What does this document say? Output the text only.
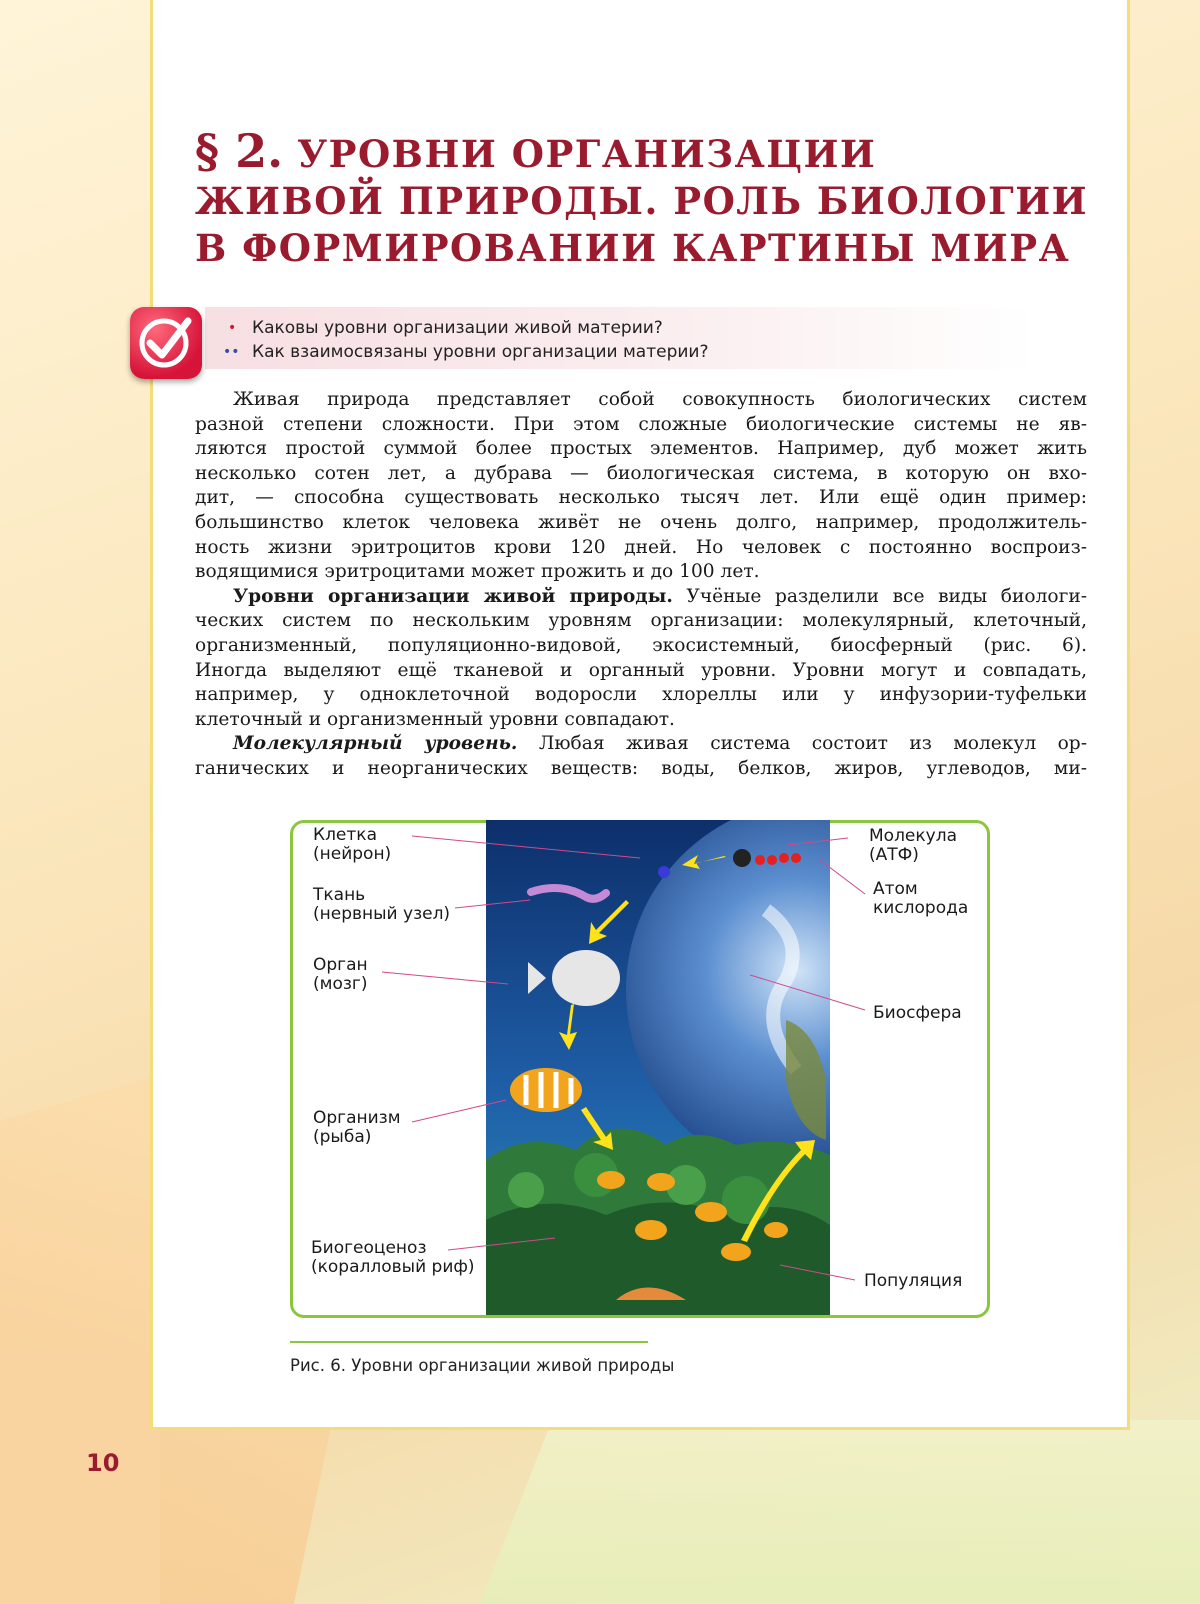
§ 2. УРОВНИ ОРГАНИЗАЦИИ
ЖИВОЙ ПРИРОДЫ. РОЛЬ БИОЛОГИИ
В ФОРМИРОВАНИИ КАРТИНЫ МИРА
•
••
Каковы уровни организации живой материи?
Как взаимосвязаны уровни организации материи?
Живая природа представляет собой совокупность биологических систем
разной степени сложности. При этом сложные биологические системы не яв-
ляются простой суммой более простых элементов. Например, дуб может жить
несколько сотен лет, а дубрава — биологическая система, в которую он вхо-
дит, — способна существовать несколько тысяч лет. Или ещё один пример:
большинство клеток человека живёт не очень долго, например, продолжитель-
ность жизни эритроцитов крови 120 дней. Но человек с постоянно воспроиз-
водящимися эритроцитами может прожить и до 100 лет.
Уровни организации живой природы. Учёные разделили все виды биологи-
ческих систем по нескольким уровням организации: молекулярный, клеточный,
организменный, популяционно-видовой, экосистемный, биосферный (рис. 6).
Иногда выделяют ещё тканевой и органный уровни. Уровни могут и совпадать,
например, у одноклеточной водоросли хлореллы или у инфузории-туфельки
клеточный и организменный уровни совпадают.
Молекулярный уровень. Любая живая система состоит из молекул ор-
ганических и неорганических веществ: воды, белков, жиров, углеводов, ми-
Клетка
(нейрон)
Ткань
(нервный узел)
Орган
(мозг)
Организм
(рыба)
Биогеоценоз
(коралловый риф)
Молекула
(АТФ)
Атом
кислорода
Биосфера
Популяция
Рис. 6. Уровни организации живой природы
10
